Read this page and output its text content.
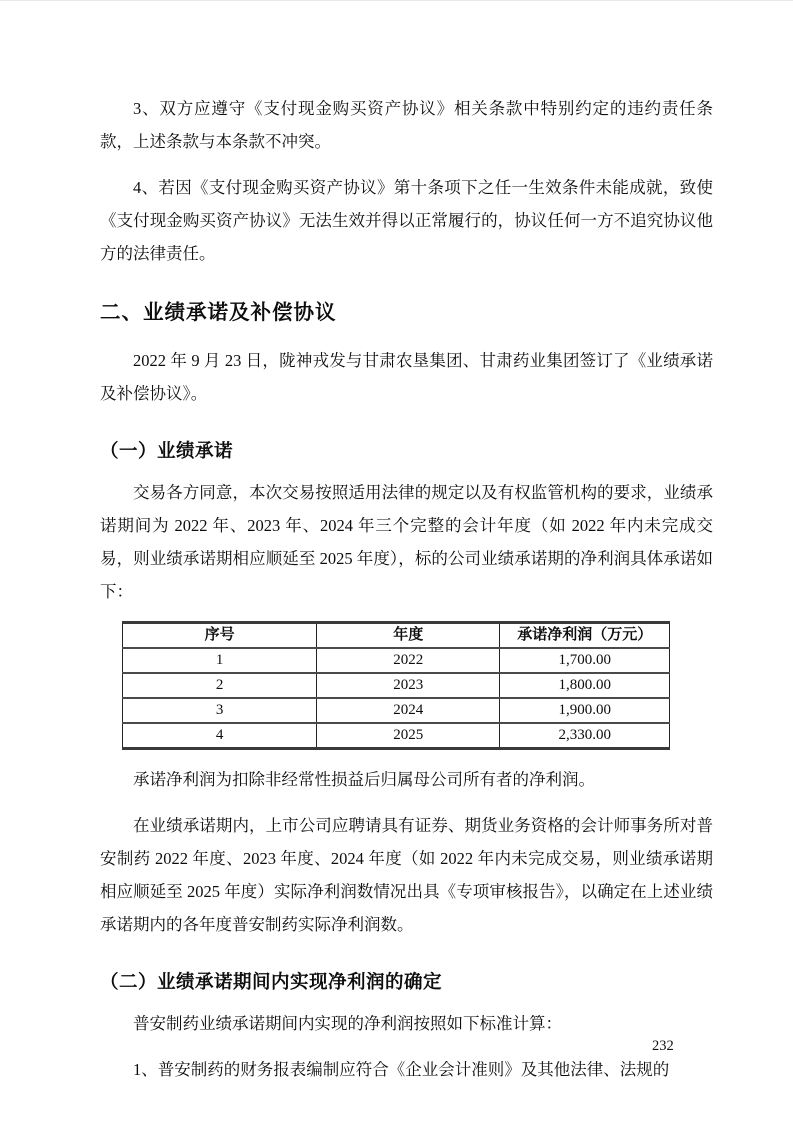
3、双方应遵守《支付现金购买资产协议》相关条款中特别约定的违约责任条款，上述条款与本条款不冲突。

4、若因《支付现金购买资产协议》第十条项下之任一生效条件未能成就，致使《支付现金购买资产协议》无法生效并得以正常履行的，协议任何一方不追究协议他方的法律责任。

二、业绩承诺及补偿协议

2022 年 9 月 23 日，陇神戎发与甘肃农垦集团、甘肃药业集团签订了《业绩承诺及补偿协议》。

（一）业绩承诺

交易各方同意，本次交易按照适用法律的规定以及有权监管机构的要求，业绩承诺期间为 2022 年、2023 年、2024 年三个完整的会计年度（如 2022 年内未完成交易，则业绩承诺期相应顺延至 2025 年度），标的公司业绩承诺期的净利润具体承诺如下：

序号	年度	承诺净利润（万元）
1	2022	1,700.00
2	2023	1,800.00
3	2024	1,900.00
4	2025	2,330.00

承诺净利润为扣除非经常性损益后归属母公司所有者的净利润。

在业绩承诺期内，上市公司应聘请具有证券、期货业务资格的会计师事务所对普安制药 2022 年度、2023 年度、2024 年度（如 2022 年内未完成交易，则业绩承诺期相应顺延至 2025 年度）实际净利润数情况出具《专项审核报告》，以确定在上述业绩承诺期内的各年度普安制药实际净利润数。

（二）业绩承诺期间内实现净利润的确定

普安制药业绩承诺期间内实现的净利润按照如下标准计算：

1、普安制药的财务报表编制应符合《企业会计准则》及其他法律、法规的

232
